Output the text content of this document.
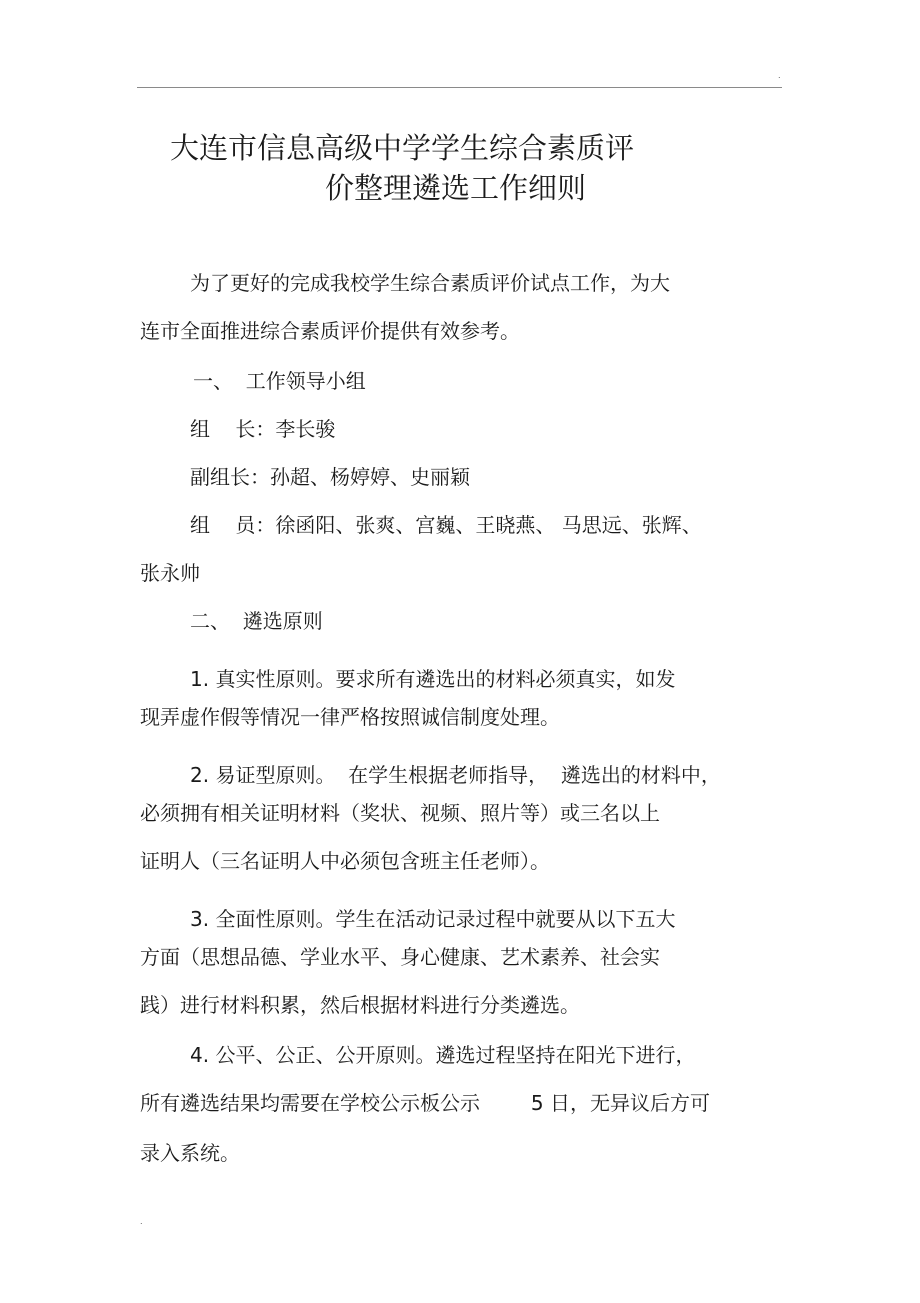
.
大连市信息高级中学学生综合素质评
价整理遴选工作细则
为了更好的完成我校学生综合素质评价试点工作，为大
连市全面推进综合素质评价提供有效参考。
一、  工作领导小组
组    长：李长骏
副组长：孙超、杨婷婷、史丽颖
组    员：徐函阳、张爽、宫巍、王晓燕、 马思远、张辉、
张永帅
二、  遴选原则
1. 真实性原则。要求所有遴选出的材料必须真实，如发
现弄虚作假等情况一律严格按照诚信制度处理。
2. 易证型原则。  在学生根据老师指导，  遴选出的材料中，
必须拥有相关证明材料（奖状、视频、照片等）或三名以上
证明人（三名证明人中必须包含班主任老师）。
3. 全面性原则。学生在活动记录过程中就要从以下五大
方面（思想品德、学业水平、身心健康、艺术素养、社会实
践）进行材料积累，然后根据材料进行分类遴选。
4. 公平、公正、公开原则。遴选过程坚持在阳光下进行，
所有遴选结果均需要在学校公示板公示        5 日，无异议后方可
录入系统。
.
